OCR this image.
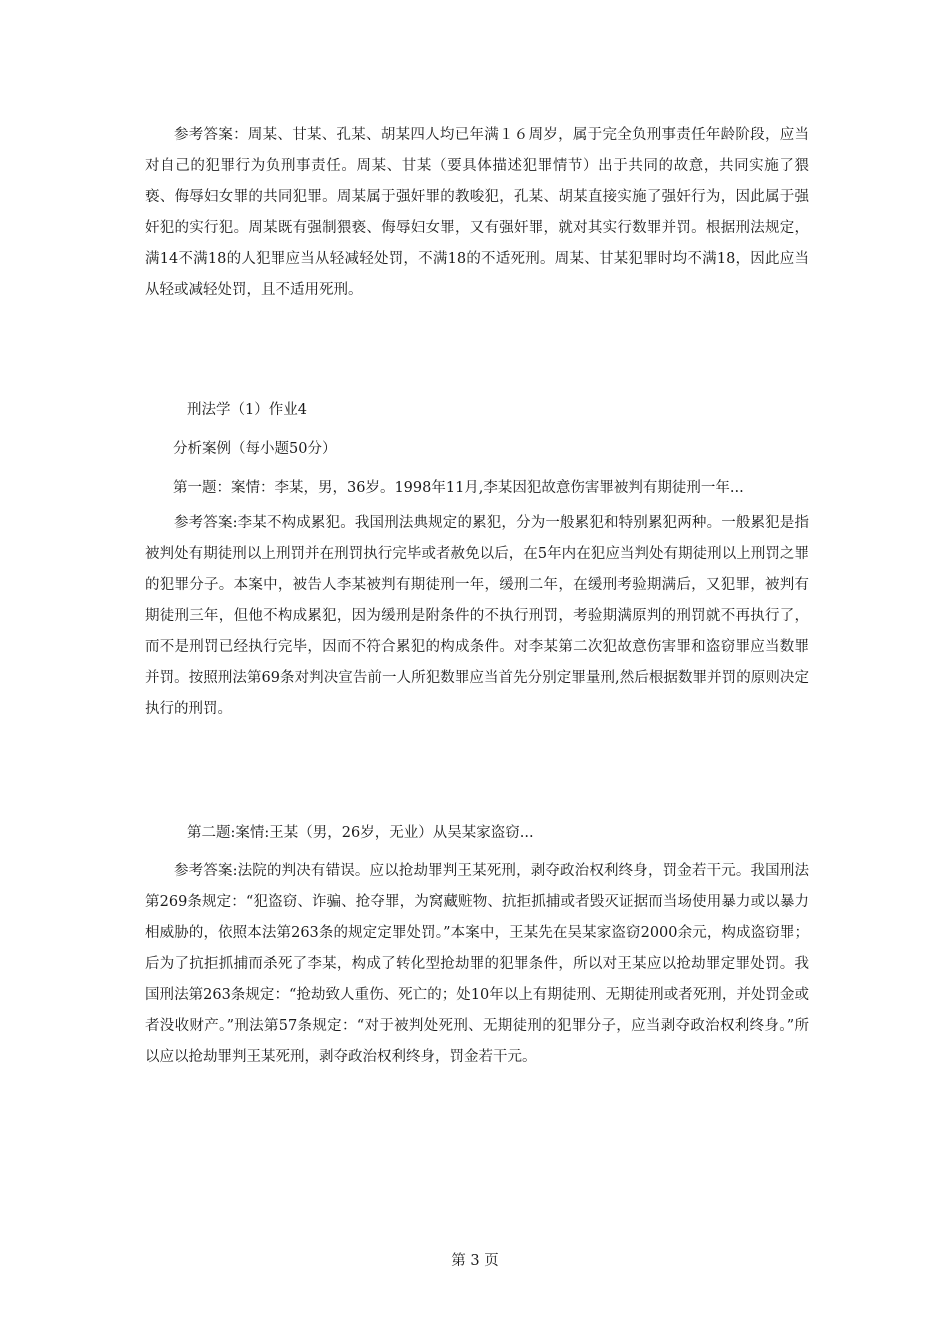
参考答案：周某、甘某、孔某、胡某四人均已年满１６周岁，属于完全负刑事责任年龄阶段，应当对自己的犯罪行为负刑事责任。周某、甘某（要具体描述犯罪情节）出于共同的故意，共同实施了猥亵、侮辱妇女罪的共同犯罪。周某属于强奸罪的教唆犯，孔某、胡某直接实施了强奸行为，因此属于强奸犯的实行犯。周某既有强制猥亵、侮辱妇女罪，又有强奸罪，就对其实行数罪并罚。根据刑法规定，满14不满18的人犯罪应当从轻减轻处罚，不满18的不适死刑。周某、甘某犯罪时均不满18，因此应当从轻或减轻处罚，且不适用死刑。

刑法学（1）作业4

分析案例（每小题50分）

第一题：案情：李某，男，36岁。1998年11月,李某因犯故意伤害罪被判有期徒刑一年...

参考答案:李某不构成累犯。我国刑法典规定的累犯，分为一般累犯和特别累犯两种。一般累犯是指被判处有期徒刑以上刑罚并在刑罚执行完毕或者赦免以后，在5年内在犯应当判处有期徒刑以上刑罚之罪的犯罪分子。本案中，被告人李某被判有期徒刑一年，缓刑二年，在缓刑考验期满后，又犯罪，被判有期徒刑三年，但他不构成累犯，因为缓刑是附条件的不执行刑罚，考验期满原判的刑罚就不再执行了，而不是刑罚已经执行完毕，因而不符合累犯的构成条件。对李某第二次犯故意伤害罪和盗窃罪应当数罪并罚。按照刑法第69条对判决宣告前一人所犯数罪应当首先分别定罪量刑,然后根据数罪并罚的原则决定执行的刑罚。

第二题:案情:王某（男，26岁，无业）从吴某家盗窃...

参考答案:法院的判决有错误。应以抢劫罪判王某死刑，剥夺政治权利终身，罚金若干元。我国刑法第269条规定：“犯盗窃、诈骗、抢夺罪，为窝藏赃物、抗拒抓捕或者毁灭证据而当场使用暴力或以暴力相威胁的，依照本法第263条的规定定罪处罚。”本案中，王某先在吴某家盗窃2000余元，构成盗窃罪；后为了抗拒抓捕而杀死了李某，构成了转化型抢劫罪的犯罪条件，所以对王某应以抢劫罪定罪处罚。我国刑法第263条规定：“抢劫致人重伤、死亡的；处10年以上有期徒刑、无期徒刑或者死刑，并处罚金或者没收财产。”刑法第57条规定：“对于被判处死刑、无期徒刑的犯罪分子，应当剥夺政治权利终身。”所以应以抢劫罪判王某死刑，剥夺政治权利终身，罚金若干元。

第 3 页
